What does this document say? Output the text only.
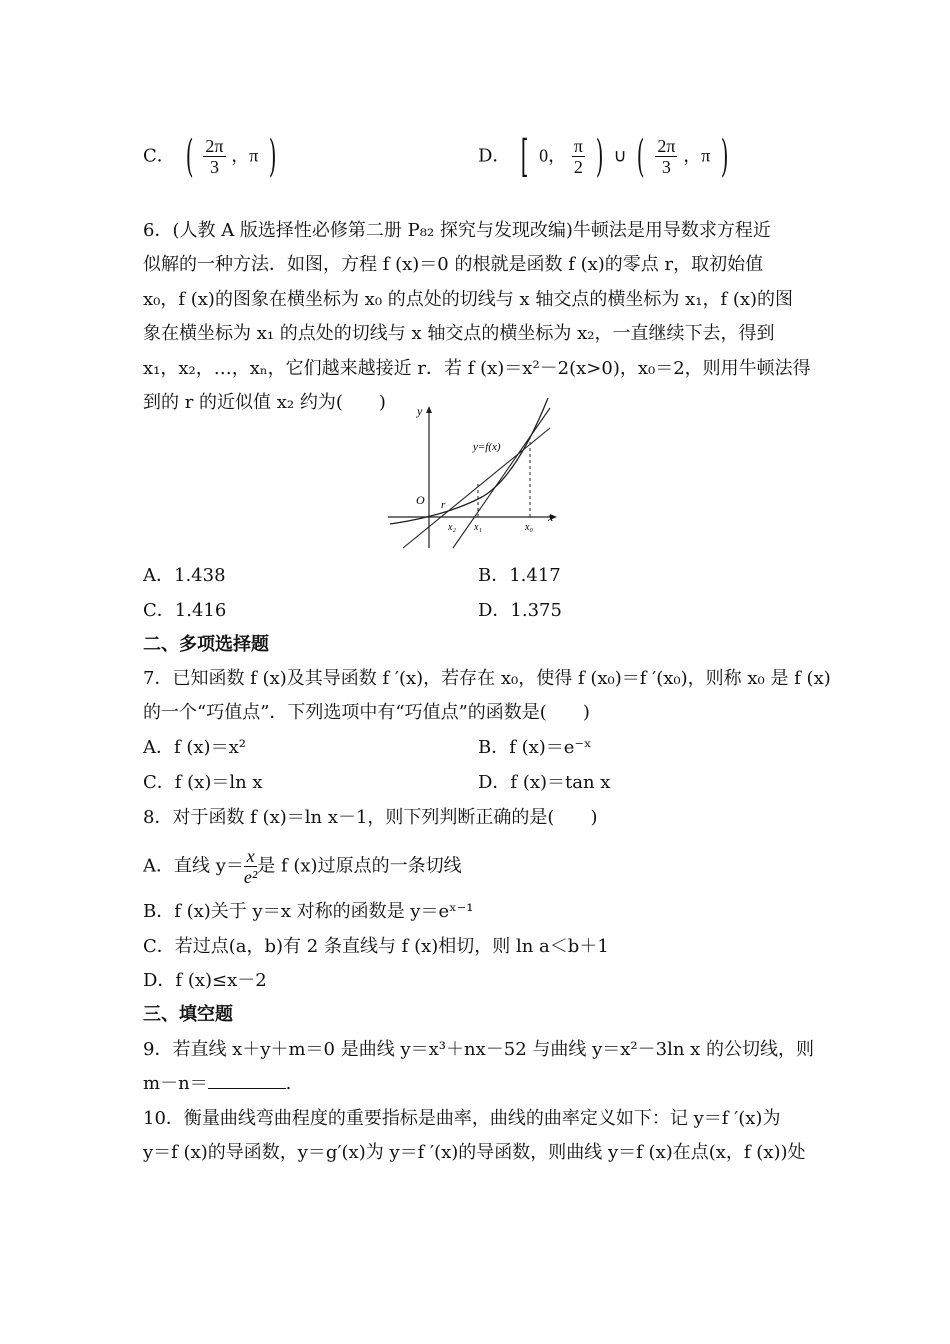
C． ( $\frac{2\pi}{3}$ ，π )	D． [ 0， $\frac{\pi}{2}$ ) ∪ ( $\frac{2\pi}{3}$ ，π )
6．(人教 A 版选择性必修第二册 P₈₂ 探究与发现改编)牛顿法是用导数求方程近
似解的一种方法．如图，方程 f (x)＝0 的根就是函数 f (x)的零点 r，取初始值
x₀，f (x)的图象在横坐标为 x₀ 的点处的切线与 x 轴交点的横坐标为 x₁，f (x)的图
象在横坐标为 x₁ 的点处的切线与 x 轴交点的横坐标为 x₂，一直继续下去，得到
x₁，x₂，…，xₙ，它们越来越接近 r．若 f (x)＝x²－2(x>0)，x₀＝2，则用牛顿法得
到的 r 的近似值 x₂ 约为(　　)	y
x
O
y=f(x)
r
x₂ x₁	x₀
A．1.438	B．1.417
C．1.416	D．1.375
二、多项选择题
7．已知函数 f (x)及其导函数 f ′(x)，若存在 x₀，使得 f (x₀)＝f ′(x₀)，则称 x₀ 是 f (x)
的一个“巧值点”．下列选项中有“巧值点”的函数是(　　)
A．f (x)＝x²	B．f (x)＝e⁻ˣ
C．f (x)＝ln x	D．f (x)＝tan x
8．对于函数 f (x)＝ln x－1，则下列判断正确的是(　　)
A．直线 $y= \frac{x}{\text{e²}}$ 是 f (x)过原点的一条切线
B．f (x)关于 y＝x 对称的函数是 y＝eˣ⁻¹
C．若过点(a，b)有 2 条直线与 f (x)相切，则 ln a＜b＋1
D．f (x)≤x－2
三、填空题
9．若直线 x＋y＋m＝0 是曲线 y＝x³＋nx－52 与曲线 y＝x²－3ln x 的公切线，则
m－n＝	.
10．衡量曲线弯曲程度的重要指标是曲率，曲线的曲率定义如下：记 y＝f ′(x)为
y＝f (x)的导函数，y＝g′(x)为 y＝f ′(x)的导函数，则曲线 y＝f (x)在点(x，f (x))处
